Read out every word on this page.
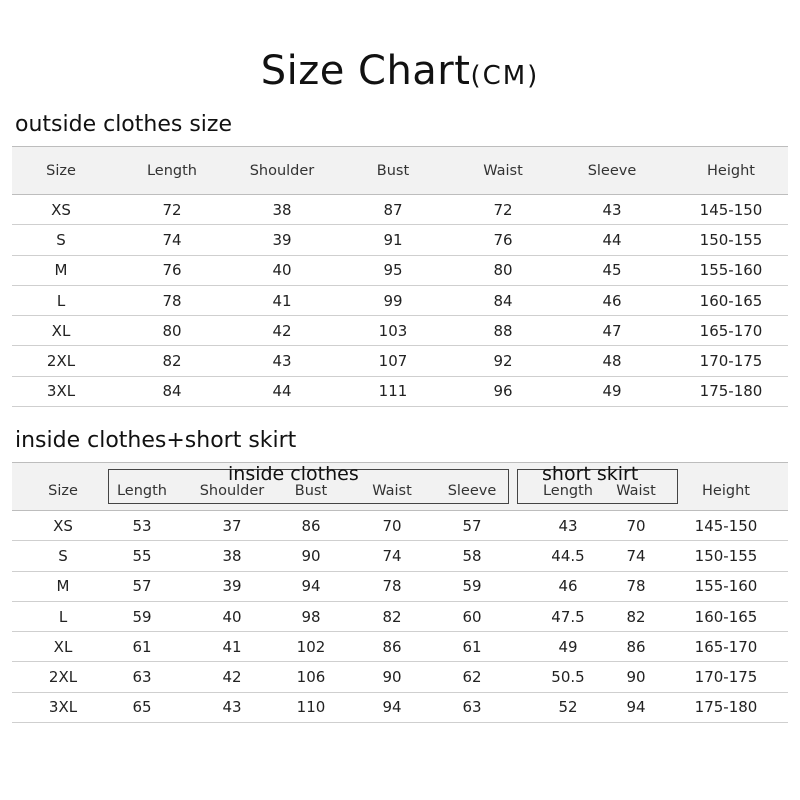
Size Chart(CM)
outside clothes size
Size	Length	Shoulder	Bust	Waist	Sleeve	Height
XS	72	38	87	72	43	145-150
S	74	39	91	76	44	150-155
M	76	40	95	80	45	155-160
L	78	41	99	84	46	160-165
XL	80	42	103	88	47	165-170
2XL	82	43	107	92	48	170-175
3XL	84	44	111	96	49	175-180
inside clothes+short skirt
inside clothes	short skirt
Size	Length	Shoulder	Bust	Waist	Sleeve	Length	Waist	Height
XS	53	37	86	70	57	43	70	145-150
S	55	38	90	74	58	44.5	74	150-155
M	57	39	94	78	59	46	78	155-160
L	59	40	98	82	60	47.5	82	160-165
XL	61	41	102	86	61	49	86	165-170
2XL	63	42	106	90	62	50.5	90	170-175
3XL	65	43	110	94	63	52	94	175-180
